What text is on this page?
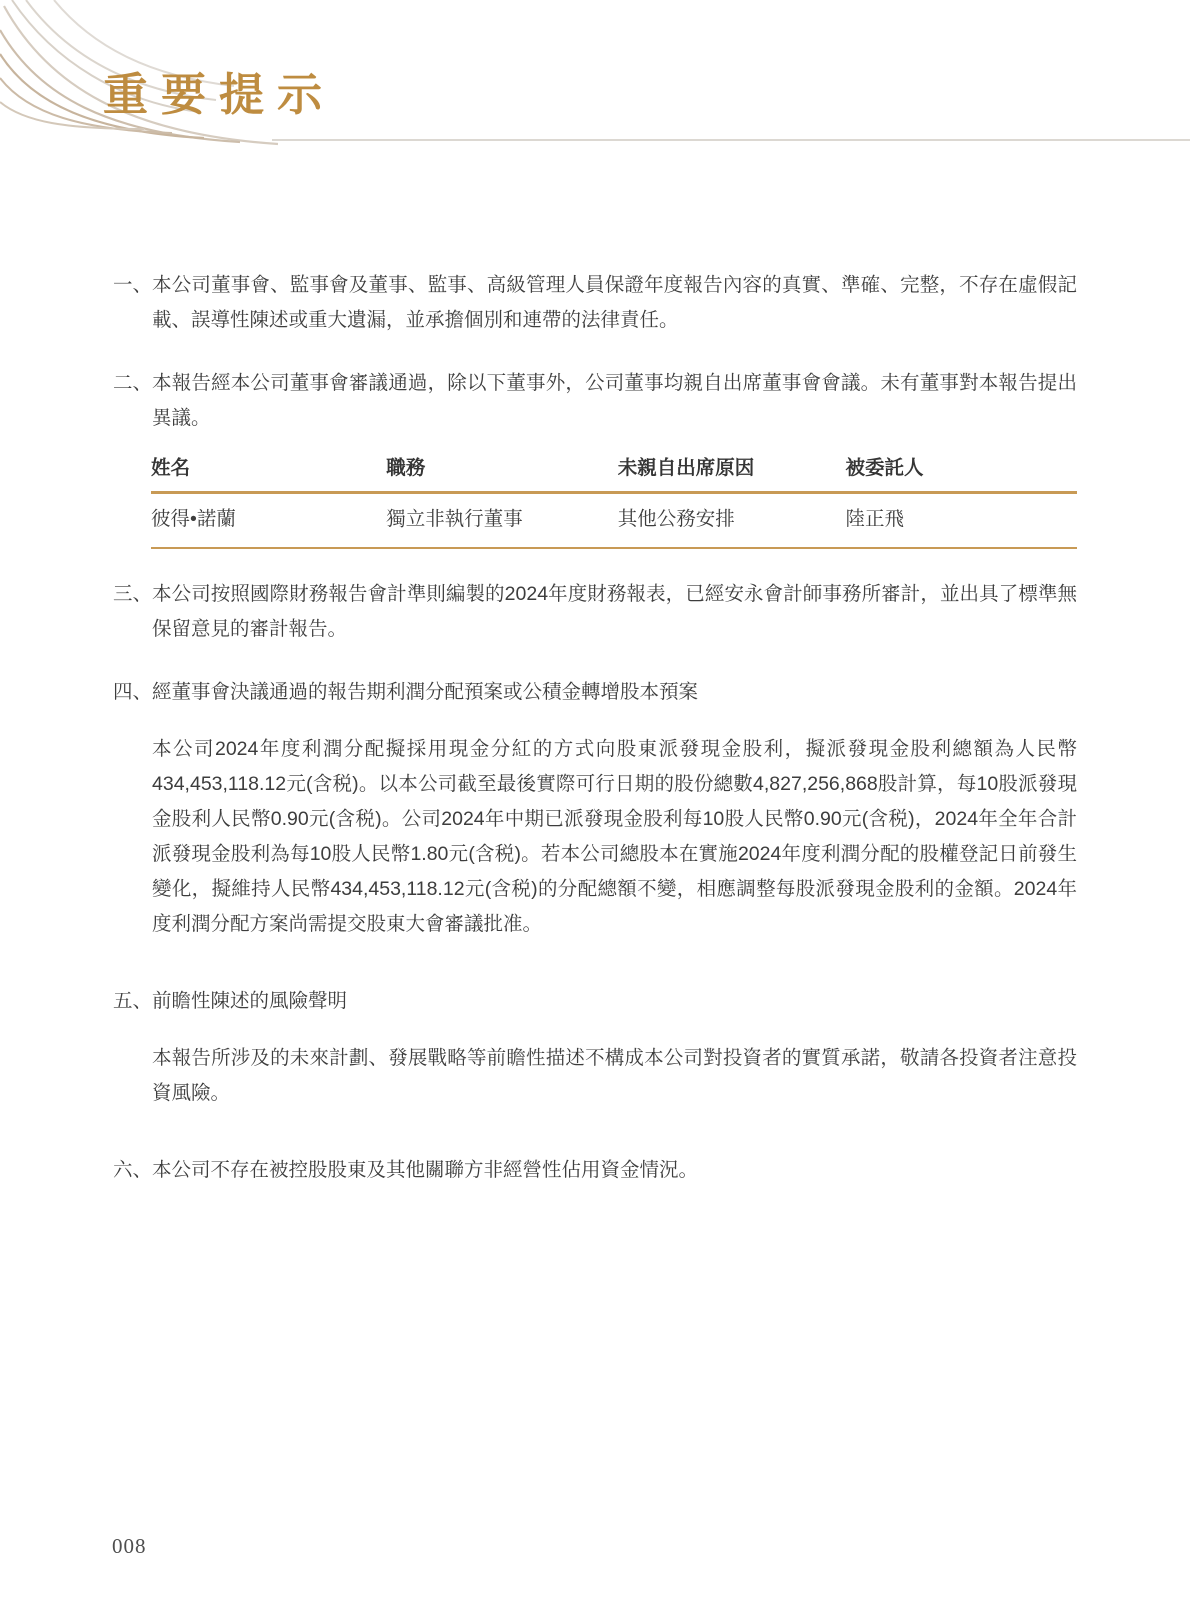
重要提示
一、 本公司董事會、監事會及董事、監事、高級管理人員保證年度報告內容的真實、準確、完整，不存在虛假記載、誤導性陳述或重大遺漏，並承擔個別和連帶的法律責任。
二、 本報告經本公司董事會審議通過，除以下董事外，公司董事均親自出席董事會會議。未有董事對本報告提出異議。
姓名	職務	未親自出席原因	被委託人
彼得•諾蘭	獨立非執行董事	其他公務安排	陸正飛
三、 本公司按照國際財務報告會計準則編製的2024年度財務報表，已經安永會計師事務所審計，並出具了標準無保留意見的審計報告。
四、 經董事會決議通過的報告期利潤分配預案或公積金轉增股本預案
本公司2024年度利潤分配擬採用現金分紅的方式向股東派發現金股利，擬派發現金股利總額為人民幣434,453,118.12元(含税)。以本公司截至最後實際可行日期的股份總數4,827,256,868股計算，每10股派發現金股利人民幣0.90元(含税)。公司2024年中期已派發現金股利每10股人民幣0.90元(含税)，2024年全年合計派發現金股利為每10股人民幣1.80元(含税)。若本公司總股本在實施2024年度利潤分配的股權登記日前發生變化，擬維持人民幣434,453,118.12元(含税)的分配總額不變，相應調整每股派發現金股利的金額。2024年度利潤分配方案尚需提交股東大會審議批准。
五、 前瞻性陳述的風險聲明
本報告所涉及的未來計劃、發展戰略等前瞻性描述不構成本公司對投資者的實質承諾，敬請各投資者注意投資風險。
六、 本公司不存在被控股股東及其他關聯方非經營性佔用資金情況。
008
